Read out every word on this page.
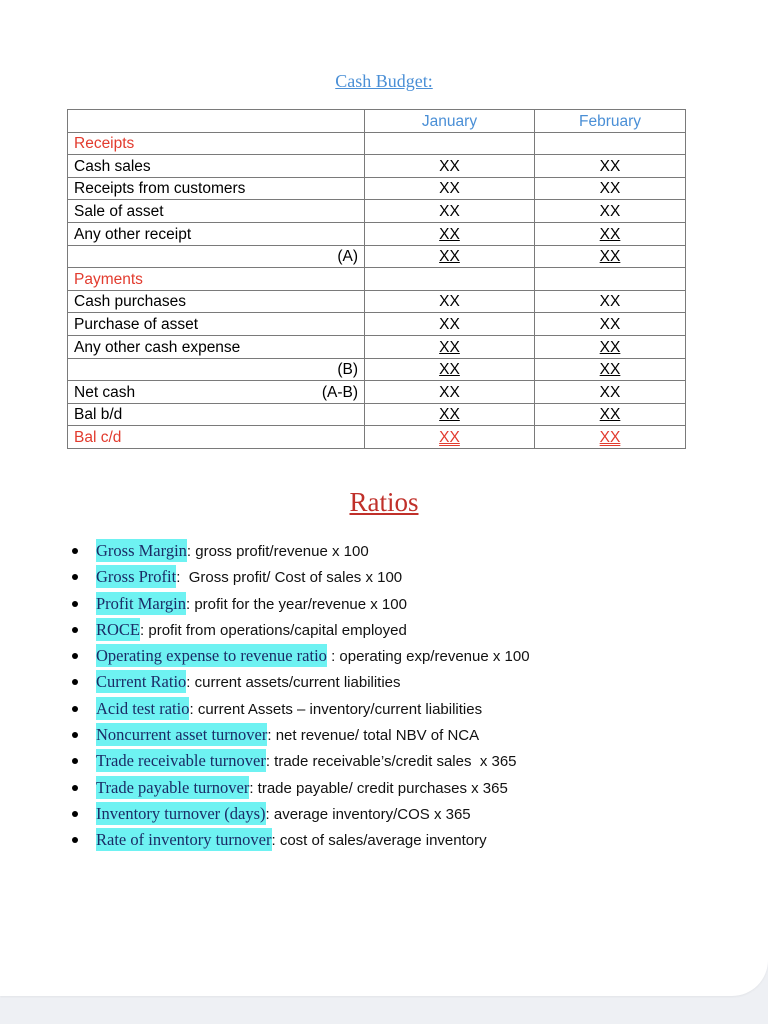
Cash Budget:
	January	February
Receipts		
Cash sales	XX	XX
Receipts from customers	XX	XX
Sale of asset	XX	XX
Any other receipt	XX	XX
(A)	XX	XX
Payments		
Cash purchases	XX	XX
Purchase of asset	XX	XX
Any other cash expense	XX	XX
(B)	XX	XX
Net cash (A-B)	XX	XX
Bal b/d	XX	XX
Bal c/d	XX	XX
Ratios
Gross Margin: gross profit/revenue x 100
Gross Profit:  Gross profit/ Cost of sales x 100
Profit Margin: profit for the year/revenue x 100
ROCE: profit from operations/capital employed
Operating expense to revenue ratio : operating exp/revenue x 100
Current Ratio: current assets/current liabilities
Acid test ratio: current Assets – inventory/current liabilities
Noncurrent asset turnover: net revenue/ total NBV of NCA
Trade receivable turnover: trade receivable’s/credit sales  x 365
Trade payable turnover: trade payable/ credit purchases x 365
Inventory turnover (days): average inventory/COS x 365
Rate of inventory turnover: cost of sales/average inventory
